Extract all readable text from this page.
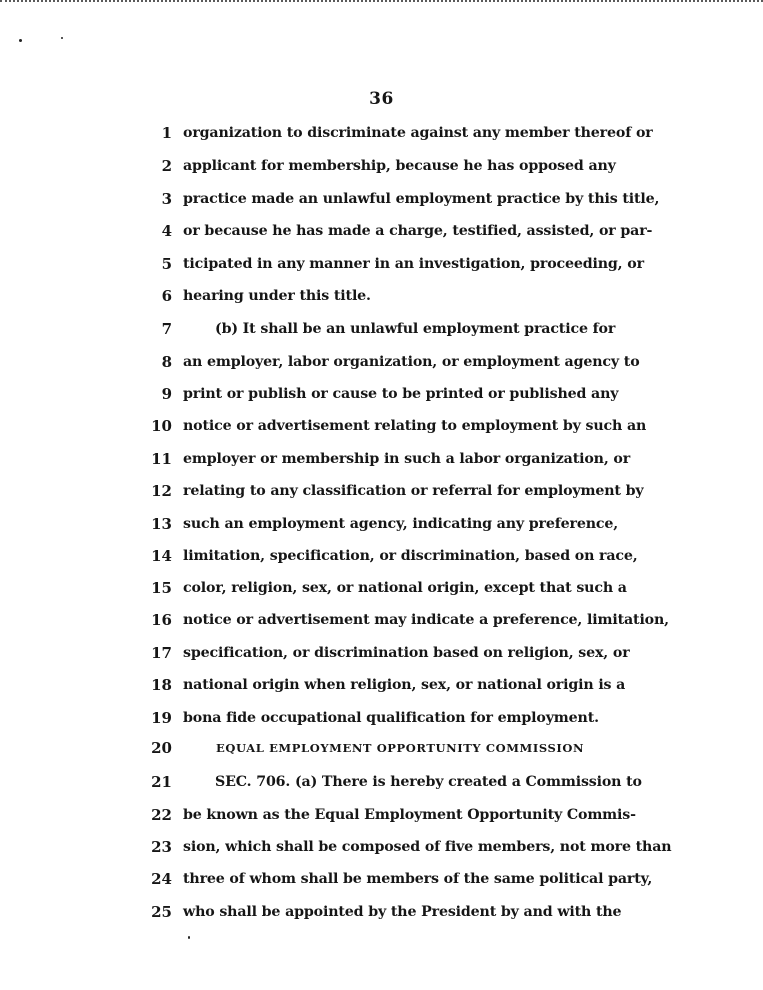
36
1 organization to discriminate against any member thereof or
2 applicant for membership, because he has opposed any
3 practice made an unlawful employment practice by this title,
4 or because he has made a charge, testified, assisted, or par-
5 ticipated in any manner in an investigation, proceeding, or
6 hearing under this title.
7	(b) It shall be an unlawful employment practice for
8 an employer, labor organization, or employment agency to
9 print or publish or cause to be printed or published any
10 notice or advertisement relating to employment by such an
11 employer or membership in such a labor organization, or
12 relating to any classification or referral for employment by
13 such an employment agency, indicating any preference,
14 limitation, specification, or discrimination, based on race,
15 color, religion, sex, or national origin, except that such a
16 notice or advertisement may indicate a preference, limitation,
17 specification, or discrimination based on religion, sex, or
18 national origin when religion, sex, or national origin is a
19 bona fide occupational qualification for employment.
20	EQUAL EMPLOYMENT OPPORTUNITY COMMISSION
21	SEC. 706. (a) There is hereby created a Commission to
22 be known as the Equal Employment Opportunity Commis-
23 sion, which shall be composed of five members, not more than
24 three of whom shall be members of the same political party,
25 who shall be appointed by the President by and with the
